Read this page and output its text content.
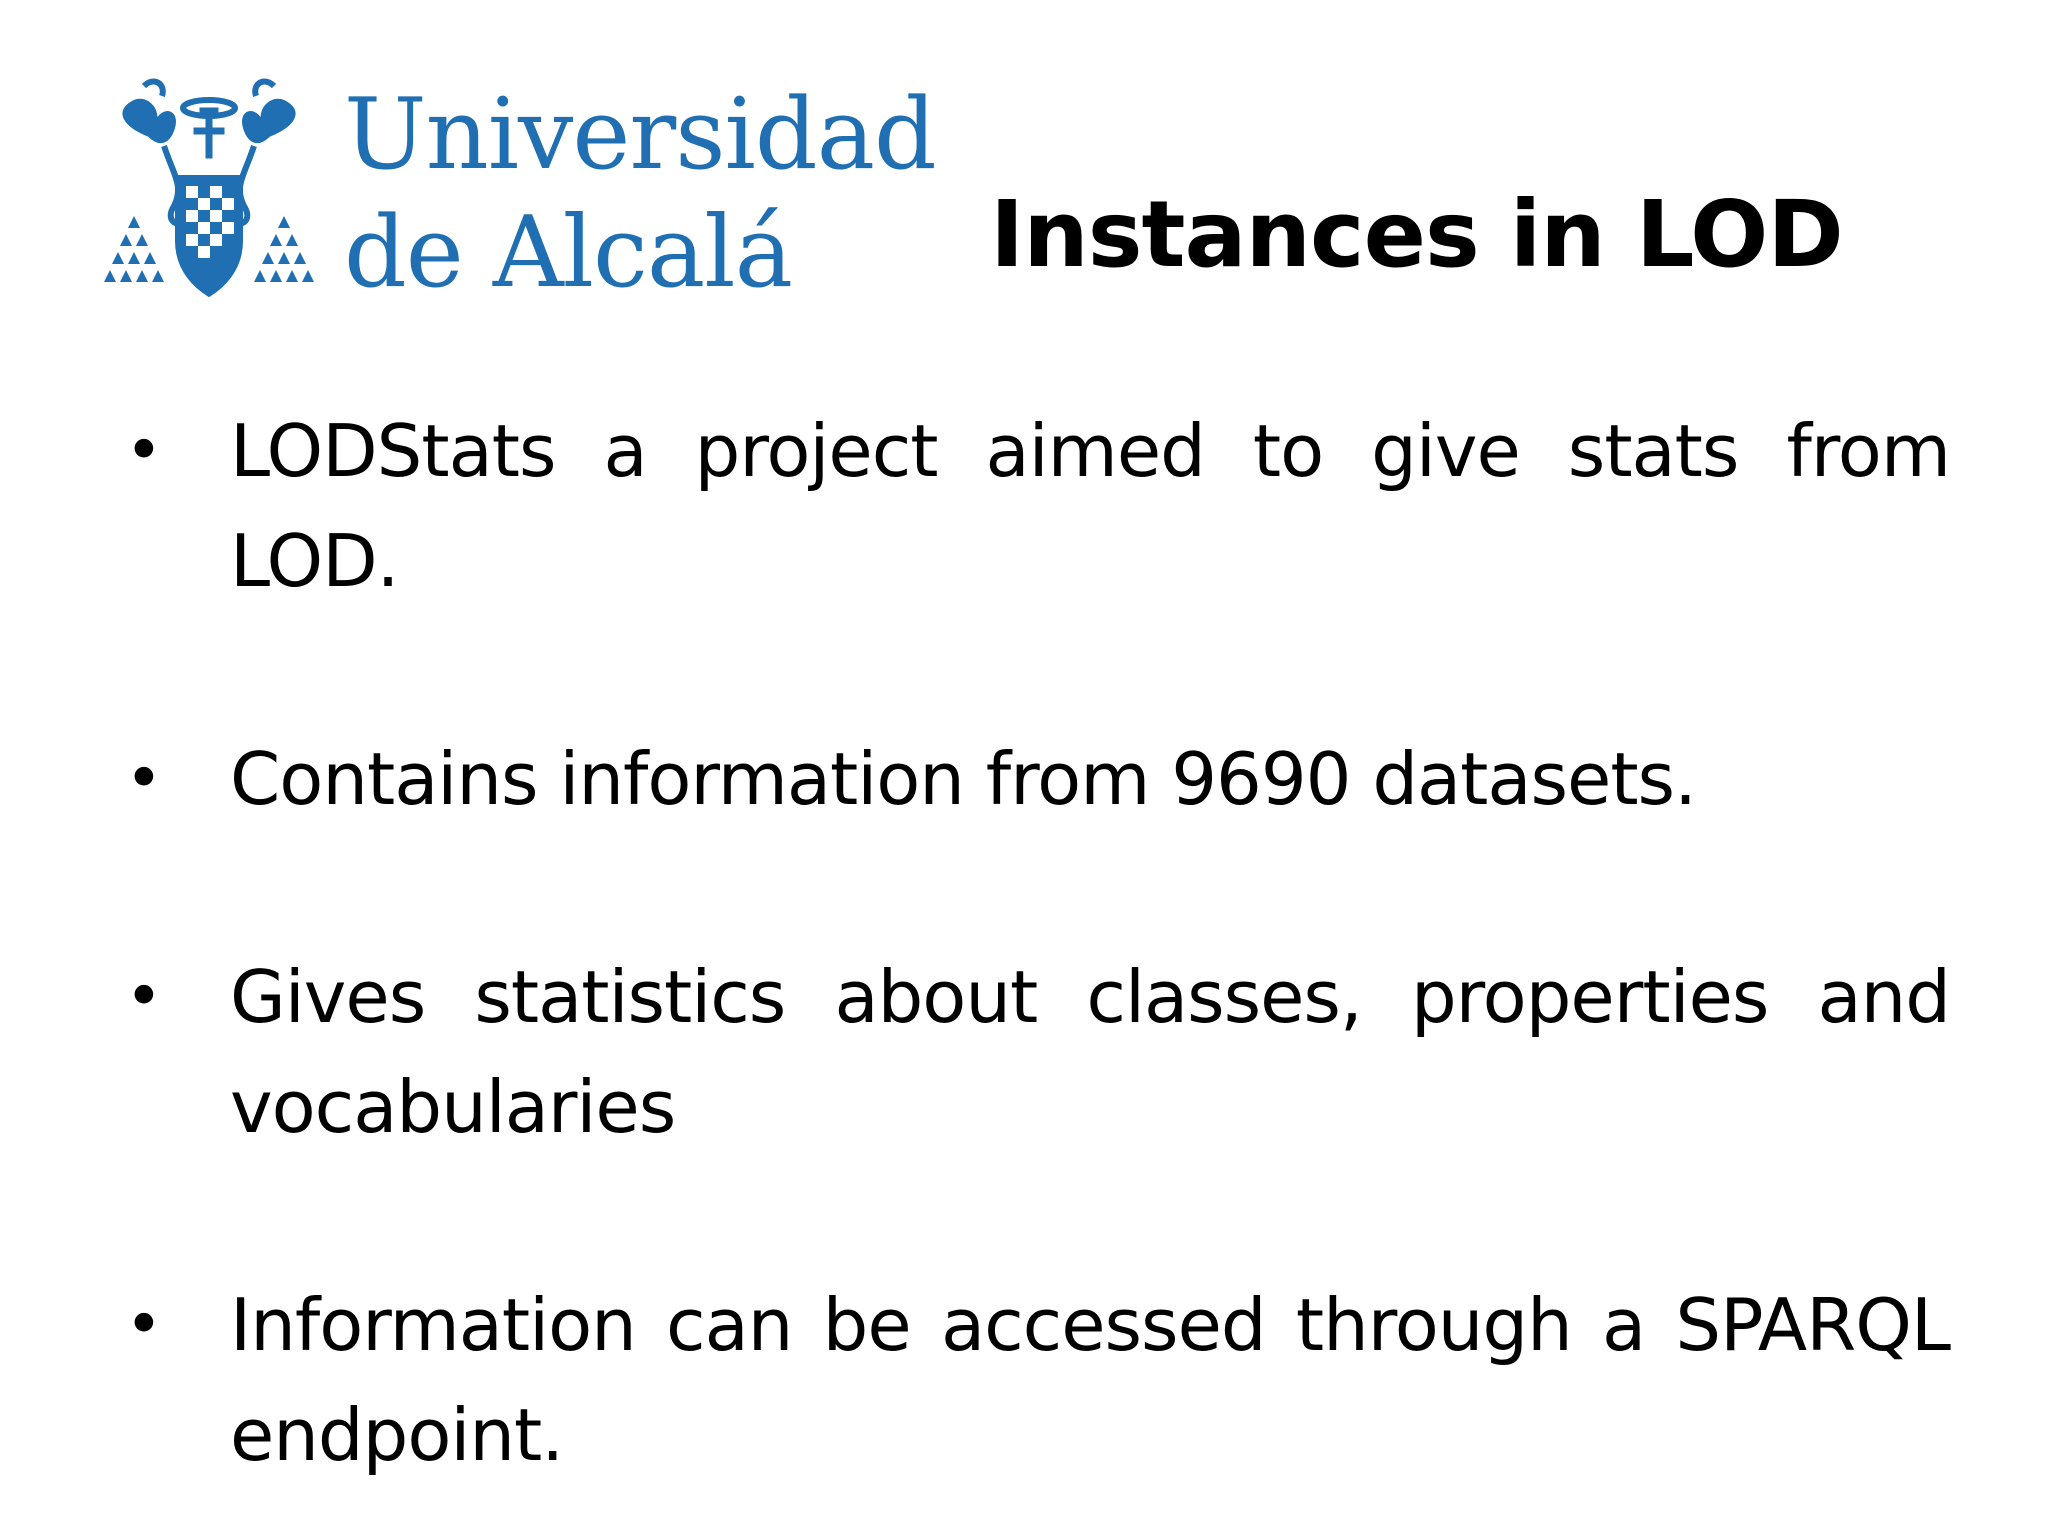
Universidad
de Alcalá	Instances in LOD
• LODStats a project aimed to give stats from LOD.
• Contains information from 9690 datasets.
• Gives statistics about classes, properties and vocabularies
• Information can be accessed through a SPARQL endpoint.
